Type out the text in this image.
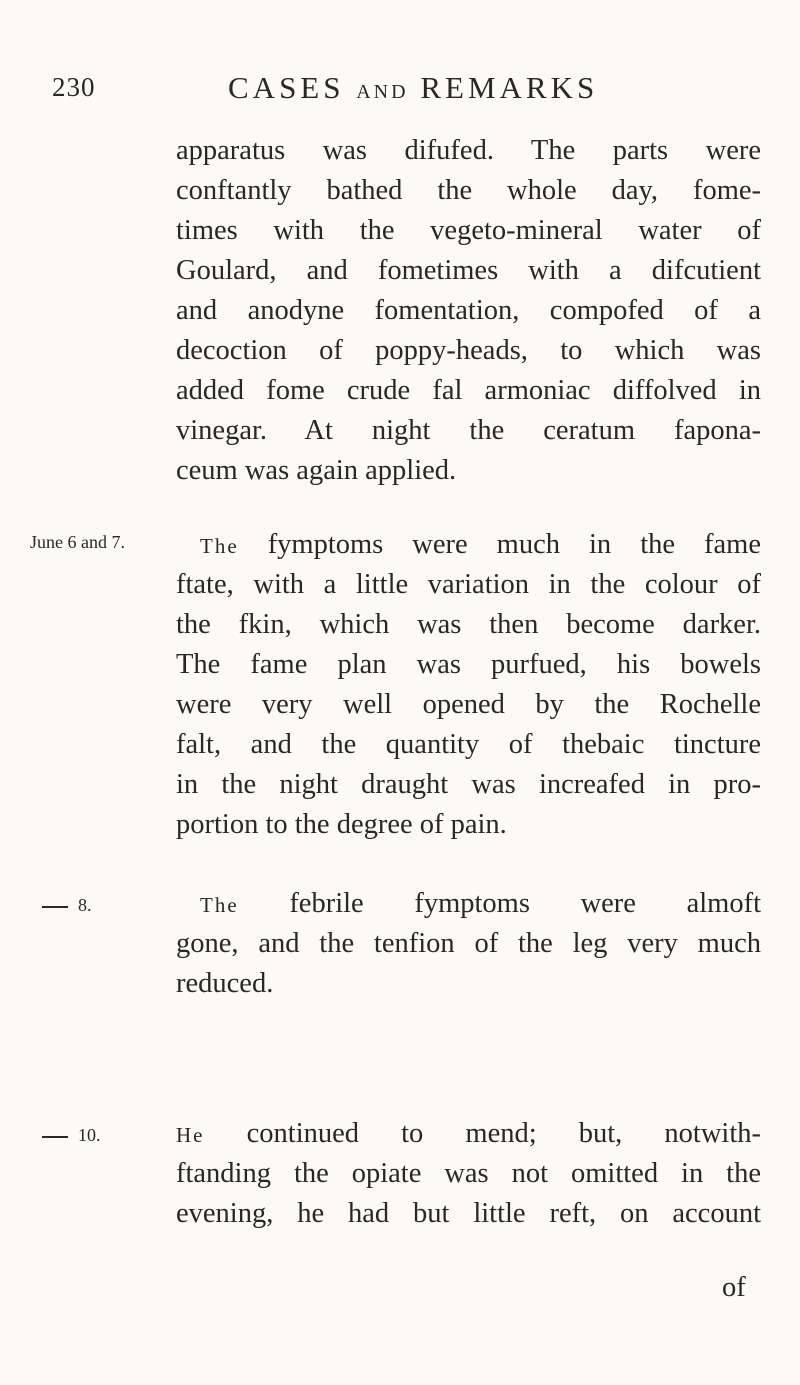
230	CASES AND REMARKS
apparatus was difufed. The parts were
conftantly bathed the whole day, fome-
times with the vegeto-mineral water of
Goulard, and fometimes with a difcutient
and anodyne fomentation, compofed of a
decoction of poppy-heads, to which was
added fome crude fal armoniac diffolved in
vinegar. At night the ceratum fapona-
ceum was again applied.
June 6 and 7.	The fymptoms were much in the fame
ftate, with a little variation in the colour of
the fkin, which was then become darker.
The fame plan was purfued, his bowels
were very well opened by the Rochelle
falt, and the quantity of thebaic tincture
in the night draught was increafed in pro-
portion to the degree of pain.
8.	The febrile fymptoms were almoft
gone, and the tenfion of the leg very much
reduced.
10.	He continued to mend; but, notwith-
ftanding the opiate was not omitted in the
evening, he had but little reft, on account
of
